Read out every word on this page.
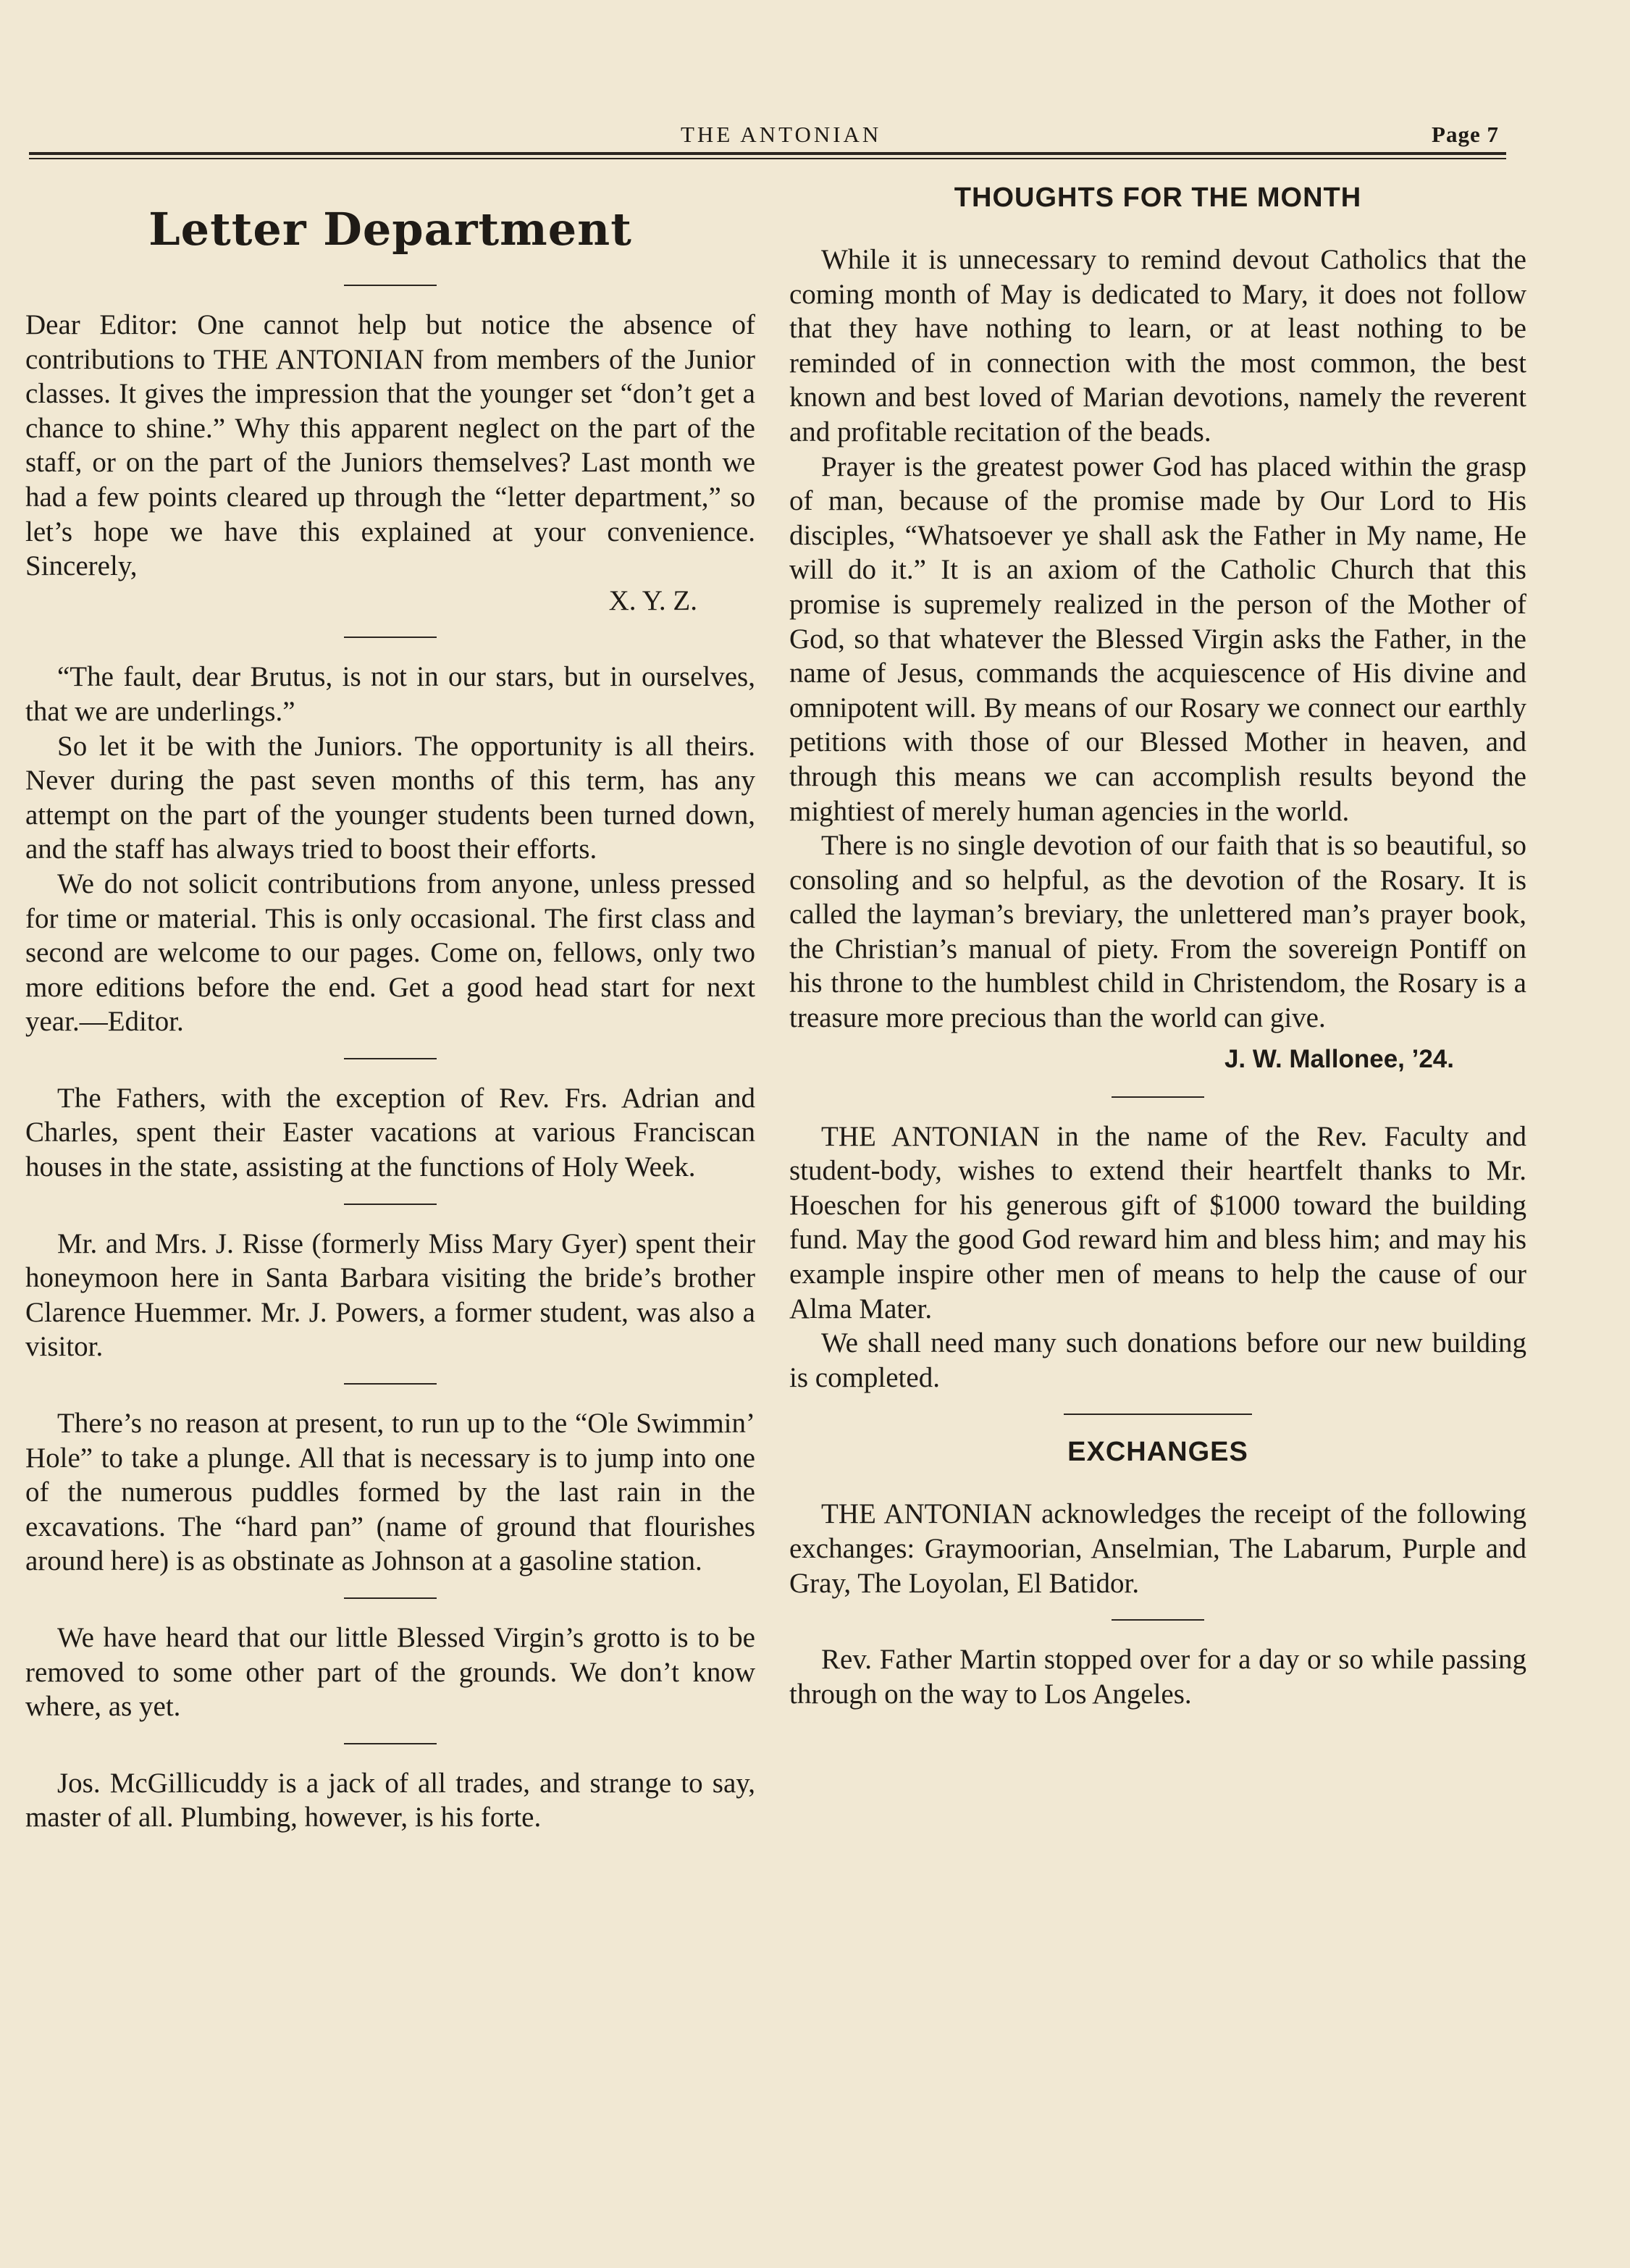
THE ANTONIAN	Page 7
Letter Department

Dear Editor: One cannot help but notice the absence of contributions to THE ANTONIAN from members of the Junior classes. It gives the impression that the younger set “don’t get a chance to shine.” Why this apparent neglect on the part of the staff, or on the part of the Juniors themselves? Last month we had a few points cleared up through the “letter department,” so let’s hope we have this explained at your convenience. Sincerely,

X. Y. Z.

“The fault, dear Brutus, is not in our stars, but in ourselves, that we are underlings.”

So let it be with the Juniors. The opportunity is all theirs. Never during the past seven months of this term, has any attempt on the part of the younger students been turned down, and the staff has always tried to boost their efforts.

We do not solicit contributions from anyone, unless pressed for time or material. This is only occasional. The first class and second are welcome to our pages. Come on, fellows, only two more editions before the end. Get a good head start for next year.—Editor.

The Fathers, with the exception of Rev. Frs. Adrian and Charles, spent their Easter vacations at various Franciscan houses in the state, assisting at the functions of Holy Week.

Mr. and Mrs. J. Risse (formerly Miss Mary Gyer) spent their honeymoon here in Santa Barbara visiting the bride’s brother Clarence Huemmer. Mr. J. Powers, a former student, was also a visitor.

There’s no reason at present, to run up to the “Ole Swimmin’ Hole” to take a plunge. All that is necessary is to jump into one of the numerous puddles formed by the last rain in the excavations. The “hard pan” (name of ground that flourishes around here) is as obstinate as Johnson at a gasoline station.

We have heard that our little Blessed Virgin’s grotto is to be removed to some other part of the grounds. We don’t know where, as yet.

Jos. McGillicuddy is a jack of all trades, and strange to say, master of all. Plumbing, however, is his forte.

THOUGHTS FOR THE MONTH

While it is unnecessary to remind devout Catholics that the coming month of May is dedicated to Mary, it does not follow that they have nothing to learn, or at least nothing to be reminded of in connection with the most common, the best known and best loved of Marian devotions, namely the reverent and profitable recitation of the beads.

Prayer is the greatest power God has placed within the grasp of man, because of the promise made by Our Lord to His disciples, “Whatsoever ye shall ask the Father in My name, He will do it.” It is an axiom of the Catholic Church that this promise is supremely realized in the person of the Mother of God, so that whatever the Blessed Virgin asks the Father, in the name of Jesus, commands the acquiescence of His divine and omnipotent will. By means of our Rosary we connect our earthly petitions with those of our Blessed Mother in heaven, and through this means we can accomplish results beyond the mightiest of merely human agencies in the world.

There is no single devotion of our faith that is so beautiful, so consoling and so helpful, as the devotion of the Rosary. It is called the layman’s breviary, the unlettered man’s prayer book, the Christian’s manual of piety. From the sovereign Pontiff on his throne to the humblest child in Christendom, the Rosary is a treasure more precious than the world can give.

J. W. Mallonee, ’24.

THE ANTONIAN in the name of the Rev. Faculty and student-body, wishes to extend their heartfelt thanks to Mr. Hoeschen for his generous gift of $1000 toward the building fund. May the good God reward him and bless him; and may his example inspire other men of means to help the cause of our Alma Mater.

We shall need many such donations before our new building is completed.

EXCHANGES

THE ANTONIAN acknowledges the receipt of the following exchanges: Graymoorian, Anselmian, The Labarum, Purple and Gray, The Loyolan, El Batidor.

Rev. Father Martin stopped over for a day or so while passing through on the way to Los Angeles.
